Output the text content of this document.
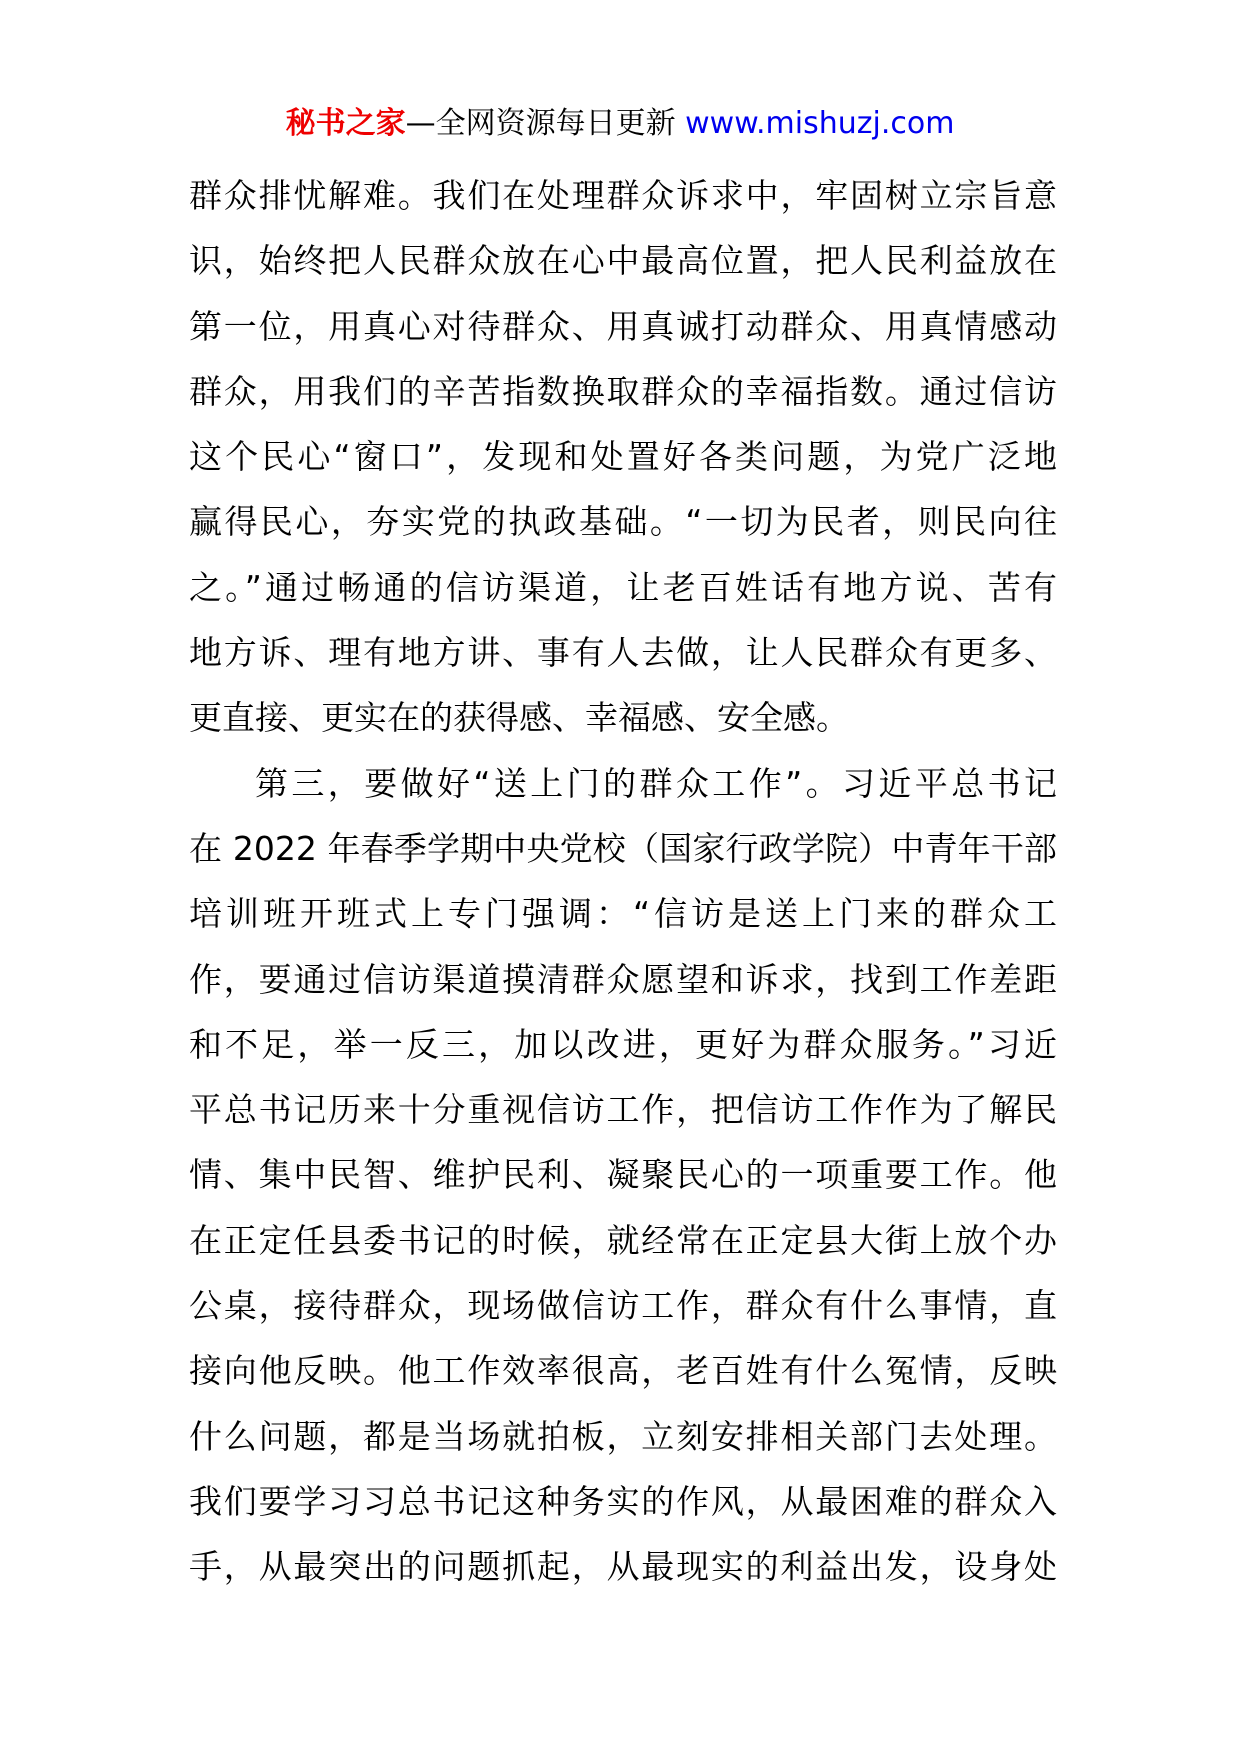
秘书之家—全网资源每日更新 www.mishuzj.com
群众排忧解难。我们在处理群众诉求中，牢固树立宗旨意
识，始终把人民群众放在心中最高位置，把人民利益放在
第一位，用真心对待群众、用真诚打动群众、用真情感动
群众，用我们的辛苦指数换取群众的幸福指数。通过信访
这个民心“窗口”，发现和处置好各类问题，为党广泛地
赢得民心，夯实党的执政基础。“一切为民者，则民向往
之。”通过畅通的信访渠道，让老百姓话有地方说、苦有
地方诉、理有地方讲、事有人去做，让人民群众有更多、
更直接、更实在的获得感、幸福感、安全感。
第三，要做好“送上门的群众工作”。习近平总书记
在 2022 年春季学期中央党校（国家行政学院）中青年干部
培训班开班式上专门强调：“信访是送上门来的群众工
作，要通过信访渠道摸清群众愿望和诉求，找到工作差距
和不足，举一反三，加以改进，更好为群众服务。”习近
平总书记历来十分重视信访工作，把信访工作作为了解民
情、集中民智、维护民利、凝聚民心的一项重要工作。他
在正定任县委书记的时候，就经常在正定县大街上放个办
公桌，接待群众，现场做信访工作，群众有什么事情，直
接向他反映。他工作效率很高，老百姓有什么冤情，反映
什么问题，都是当场就拍板，立刻安排相关部门去处理。
我们要学习习总书记这种务实的作风，从最困难的群众入
手，从最突出的问题抓起，从最现实的利益出发，设身处
